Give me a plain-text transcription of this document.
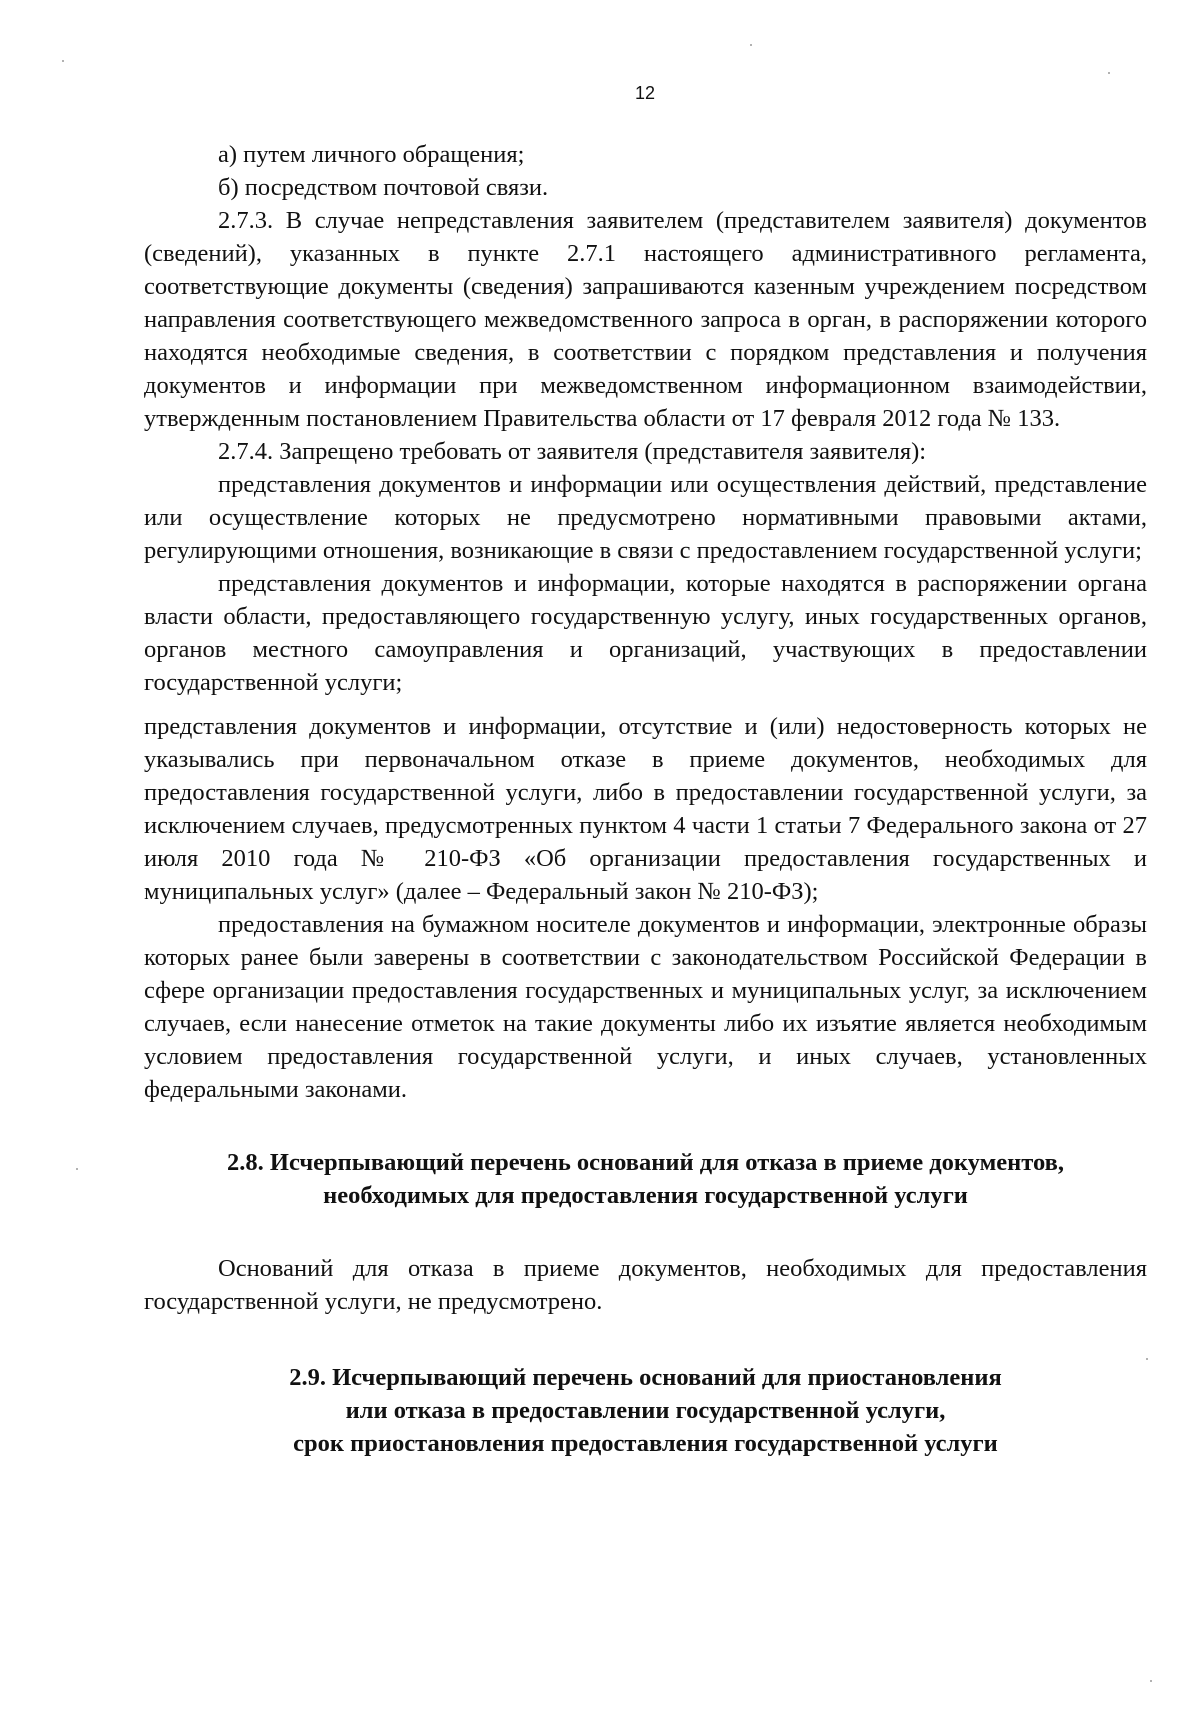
12

а) путем личного обращения;

б) посредством почтовой связи.

2.7.3. В случае непредставления заявителем (представителем заявителя) документов (сведений), указанных в пункте 2.7.1 настоящего административного регламента, соответствующие документы (сведения) запрашиваются казенным учреждением посредством направления соответствующего межведомственного запроса в орган, в распоряжении которого находятся необходимые сведения, в соответствии с порядком представления и получения документов и информации при межведомственном информационном взаимодействии, утвержденным постановлением Правительства области от 17 февраля 2012 года № 133.

2.7.4. Запрещено требовать от заявителя (представителя заявителя):

представления документов и информации или осуществления действий, представление или осуществление которых не предусмотрено нормативными правовыми актами, регулирующими отношения, возникающие в связи с предоставлением государственной услуги;

представления документов и информации, которые находятся в распоряжении органа власти области, предоставляющего государственную услугу, иных государственных органов, органов местного самоуправления и организаций, участвующих в предоставлении государственной услуги;

представления документов и информации, отсутствие и (или) недостоверность которых не указывались при первоначальном отказе в приеме документов, необходимых для предоставления государственной услуги, либо в предоставлении государственной услуги, за исключением случаев, предусмотренных пунктом 4 части 1 статьи 7 Федерального закона от 27 июля 2010 года № 210-ФЗ «Об организации предоставления государственных и муниципальных услуг» (далее – Федеральный закон № 210-ФЗ);

предоставления на бумажном носителе документов и информации, электронные образы которых ранее были заверены в соответствии с законодательством Российской Федерации в сфере организации предоставления государственных и муниципальных услуг, за исключением случаев, если нанесение отметок на такие документы либо их изъятие является необходимым условием предоставления государственной услуги, и иных случаев, установленных федеральными законами.

2.8. Исчерпывающий перечень оснований для отказа в приеме документов,
необходимых для предоставления государственной услуги

Оснований для отказа в приеме документов, необходимых для предоставления государственной услуги, не предусмотрено.

2.9. Исчерпывающий перечень оснований для приостановления
или отказа в предоставлении государственной услуги,
срок приостановления предоставления государственной услуги
